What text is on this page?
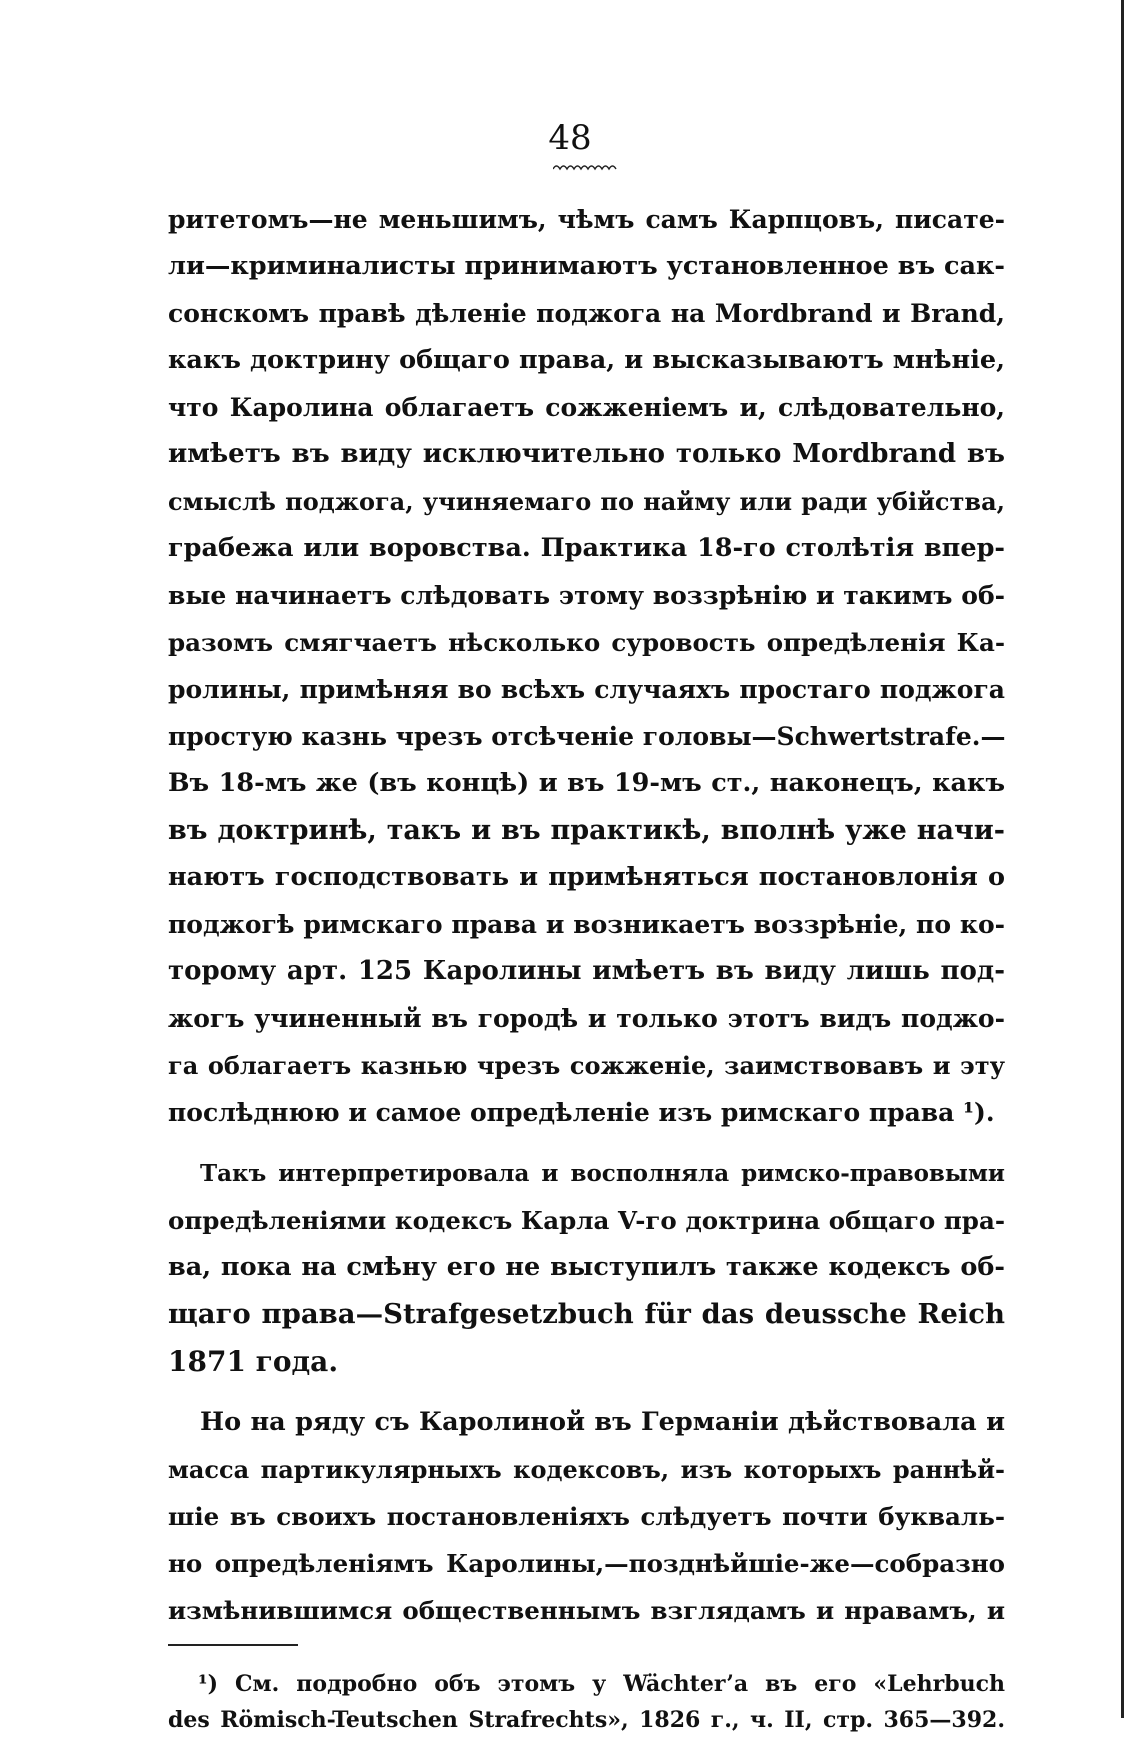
48
ритетомъ—не меньшимъ, чѣмъ самъ Карпцовъ, писате-
ли—криминалисты принимаютъ установленное въ сак-
сонскомъ правѣ дѣленіе поджога на Mordbrand и Brand,
какъ доктрину общаго права, и высказываютъ мнѣніе,
что Каролина облагаетъ сожженіемъ и, слѣдовательно,
имѣетъ въ виду исключительно только Mordbrand въ
смыслѣ поджога, учиняемаго по найму или ради убійства,
грабежа или воровства. Практика 18-го столѣтія впер-
вые начинаетъ слѣдовать этому воззрѣнію и такимъ об-
разомъ смягчаетъ нѣсколько суровость опредѣленія Ка-
ролины, примѣняя во всѣхъ случаяхъ простаго поджога
простую казнь чрезъ отсѣченіе головы—Schwertstrafe.—
Въ 18-мъ же (въ концѣ) и въ 19-мъ ст., наконецъ, какъ
въ доктринѣ, такъ и въ практикѣ, вполнѣ уже начи-
наютъ господствовать и примѣняться постановлонія о
поджогѣ римскаго права и возникаетъ воззрѣніе, по ко-
торому арт. 125 Каролины имѣетъ въ виду лишь под-
жогъ учиненный въ городѣ и только этотъ видъ поджо-
га облагаетъ казнью чрезъ сожженіе, заимствовавъ и эту
послѣднюю и самое опредѣленіе изъ римскаго права ¹).
Такъ интерпретировала и восполняла римско-правовыми
опредѣленіями кодексъ Карла V-го доктрина общаго пра-
ва, пока на смѣну его не выступилъ также кодексъ об-
щаго права—Strafgesetzbuch für das deussche Reich
1871 года.
Но на ряду съ Каролиной въ Германіи дѣйствовала и
масса партикулярныхъ кодексовъ, изъ которыхъ раннѣй-
шіе въ своихъ постановленіяхъ слѣдуетъ почти букваль-
но опредѣленіямъ Каролины,—позднѣйшіе-же—собразно
измѣнившимся общественнымъ взглядамъ и нравамъ, и
¹) См. подробно объ этомъ у Wächter’а въ его «Lehrbuch
des Römisch-Teutschen Strafrechts», 1826 г., ч. II, стр. 365—392.
